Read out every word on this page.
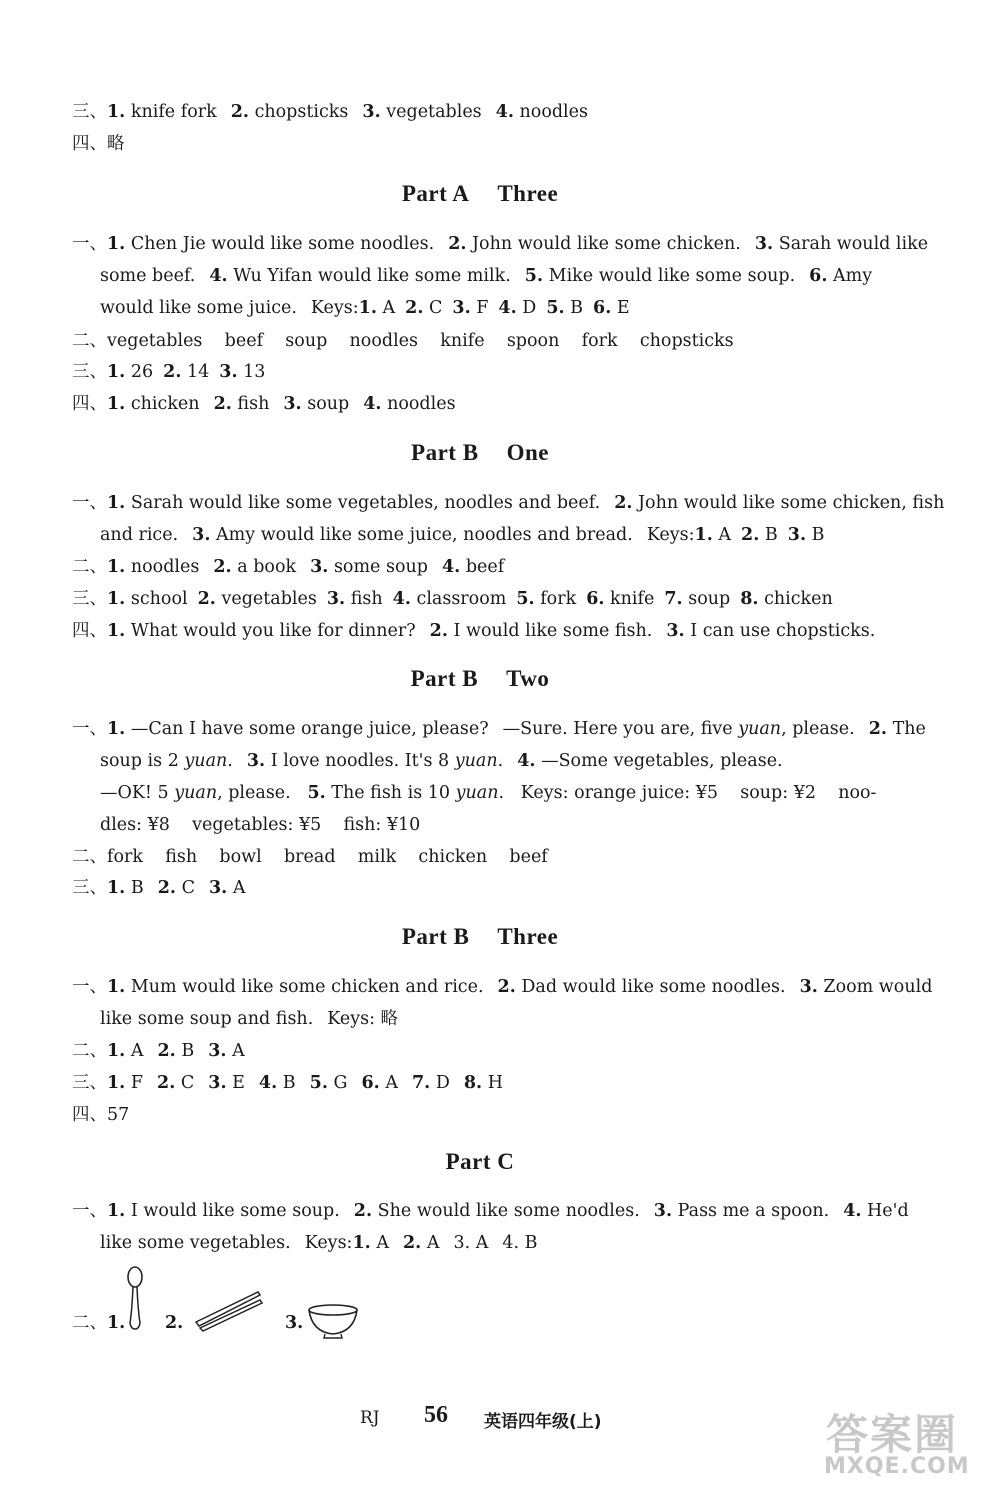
三、1. knife fork 2. chopsticks 3. vegetables 4. noodles
四、略
Part A Three
一、1. Chen Jie would like some noodles. 2. John would like some chicken. 3. Sarah would like
some beef. 4. Wu Yifan would like some milk. 5. Mike would like some soup. 6. Amy
would like some juice. Keys:1. A 2. C 3. F 4. D 5. B 6. E
二、vegetables    beef    soup    noodles    knife    spoon    fork    chopsticks
三、1. 26 2. 14 3. 13
四、1. chicken 2. fish 3. soup 4. noodles
Part B One
一、1. Sarah would like some vegetables, noodles and beef. 2. John would like some chicken, fish
and rice. 3. Amy would like some juice, noodles and bread. Keys:1. A 2. B 3. B
二、1. noodles 2. a book 3. some soup 4. beef
三、1. school 2. vegetables 3. fish 4. classroom 5. fork 6. knife 7. soup 8. chicken
四、1. What would you like for dinner? 2. I would like some fish. 3. I can use chopsticks.
Part B Two
一、1. —Can I have some orange juice, please? —Sure. Here you are, five yuan, please. 2. The
soup is 2 yuan. 3. I love noodles. It's 8 yuan. 4. —Some vegetables, please.
—OK! 5 yuan, please. 5. The fish is 10 yuan. Keys: orange juice: ¥5    soup: ¥2    noo-
dles: ¥8    vegetables: ¥5    fish: ¥10
二、fork    fish    bowl    bread    milk    chicken    beef
三、1. B 2. C 3. A
Part B Three
一、1. Mum would like some chicken and rice. 2. Dad would like some noodles. 3. Zoom would
like some soup and fish. Keys: 略
二、1. A 2. B 3. A
三、1. F 2. C 3. E 4. B 5. G 6. A 7. D 8. H
四、57
Part C
一、1. I would like some soup. 2. She would like some noodles. 3. Pass me a spoon. 4. He'd
like some vegetables. Keys:1. A 2. A 3. A 4. B
二、1.	2.	3.
RJ 56 英语四年级(上)	答案圈
MXQE.COM
